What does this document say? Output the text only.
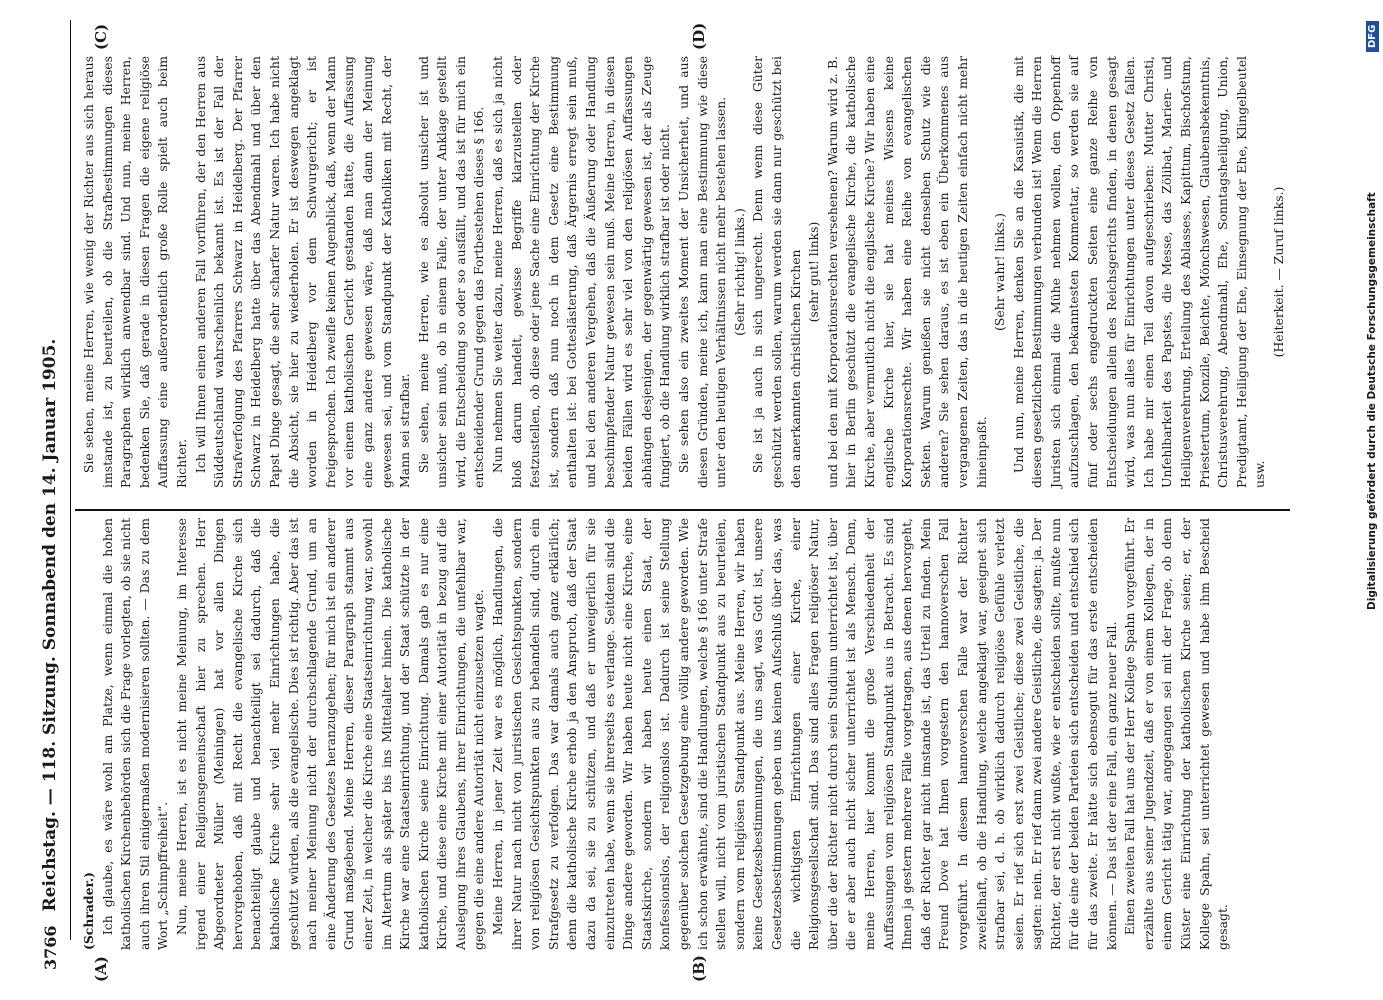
3766
Reichstag. — 118. Sitzung. Sonnabend den 14. Januar 1905.
(A)	(B)
(C)	(D)

(Schrader.) Ich glaube, es wäre wohl am Platze, wenn einmal die hohen katholischen Kirchenbehörden sich die Frage vorlegten, ob sie nicht auch ihren Stil einigermaßen modernisieren sollten. — Das zu dem Wort „Schimpffreiheit“. Nun, meine Herren, ist es nicht meine Meinung, im Interesse irgend einer Religionsgemeinschaft hier zu sprechen. Herr Abgeordneter Müller (Meiningen) hat vor allen Dingen hervorgehoben, daß mit Recht die evangelische Kirche sich benachteiligt glaube und benachteiligt sei dadurch, daß die katholische Kirche sehr viel mehr Einrichtungen habe, die geschützt würden, als die evangelische. Dies ist richtig. Aber das ist nach meiner Meinung nicht der durchschlagende Grund, um an eine Änderung des Gesetzes heranzugehen; für mich ist ein anderer Grund maßgebend. Meine Herren, dieser Paragraph stammt aus einer Zeit, in welcher die Kirche eine Staatseinrichtung war, sowohl im Altertum als später bis ins Mittelalter hinein. Die katholische Kirche war eine Staatseinrichtung, und der Staat schützte in der katholischen Kirche seine Einrichtung. Damals gab es nur eine Kirche, und diese eine Kirche mit einer Autorität in bezug auf die Auslegung ihres Glaubens, ihrer Einrichtungen, die unfehlbar war, gegen die eine andere Autorität nicht einzusetzen wagte. Meine Herren, in jener Zeit war es möglich, Handlungen, die ihrer Natur nach nicht von juristischen Gesichtspunkten, sondern von religiösen Gesichtspunkten aus zu behandeln sind, durch ein Strafgesetz zu verfolgen. Das war damals auch ganz erklärlich; denn die katholische Kirche erhob ja den Anspruch, daß der Staat dazu da sei, sie zu schützen, und daß er unweigerlich für sie einzutreten habe, wenn sie ihrerseits es verlange. Seitdem sind die Dinge andere geworden. Wir haben heute nicht eine Kirche, eine Staatskirche, sondern wir haben heute einen Staat, der konfessionslos, der religionslos ist. Dadurch ist seine Stellung gegenüber solchen Gesetzgebung eine völlig andere geworden. Wie ich schon erwähnte, sind die Handlungen, welche § 166 unter Strafe stellen will, nicht vom juristischen Standpunkt aus zu beurteilen, sondern vom religiösen Standpunkt aus. Meine Herren, wir haben keine Gesetzesbestimmungen, die uns sagt, was Gott ist, unsere Gesetzesbestimmungen geben uns keinen Aufschluß über das, was die wichtigsten Einrichtungen einer Kirche, einer Religionsgesellschaft sind. Das sind alles Fragen religiöser Natur, über die der Richter nicht durch sein Studium unterrichtet ist, über die er aber auch nicht sicher unterrichtet ist als Mensch. Denn, meine Herren, hier kommt die große Verschiedenheit der Auffassungen vom religiösen Standpunkt aus in Betracht. Es sind Ihnen ja gestern mehrere Fälle vorgetragen, aus denen hervorgeht, daß der Richter gar nicht imstande ist, das Urteil zu finden. Mein Freund Dove hat Ihnen vorgestern den hannoverschen Fall vorgeführt. In diesem hannoverschen Falle war der Richter zweifelhaft, ob die Handlung, welche angeklagt war, geeignet sich strafbar sei, d. h. ob wirklich dadurch religiöse Gefühle verletzt seien. Er rief sich erst zwei Geistliche; diese zwei Geistliche, die sagten: nein. Er rief dann zwei andere Geistliche, die sagten: ja. Der Richter, der erst nicht wußte, wie er entscheiden sollte, mußte nun für die eine der beiden Parteien sich entscheiden und entschied sich für das zweite. Er hätte sich ebensogut für das erste entscheiden können. — Das ist der eine Fall, ein ganz neuer Fall. Einen zweiten Fall hat uns der Herr Kollege Spahn vorgeführt. Er erzählte aus seiner Jugendzeit, daß er von einem Kollegen, der in einem Gericht tätig war, angegangen sei mit der Frage, ob denn Küster eine Einrichtung der katholischen Kirche seien; er, der Kollege Spahn, sei unterrichtet gewesen und habe ihm Bescheid gesagt.

Sie sehen, meine Herren, wie wenig der Richter aus sich heraus imstande ist, zu beurteilen, ob die Strafbestimmungen dieses Paragraphen wirklich anwendbar sind. Und nun, meine Herren, bedenken Sie, daß gerade in diesen Fragen die eigene religiöse Auffassung eine außerordentlich große Rolle spielt auch beim Richter. Ich will Ihnen einen anderen Fall vorführen, der den Herren aus Süddeutschland wahrscheinlich bekannt ist. Es ist der Fall der Strafverfolgung des Pfarrers Schwarz in Heidelberg. Der Pfarrer Schwarz in Heidelberg hatte über das Abendmahl und über den Papst Dinge gesagt, die sehr scharfer Natur waren. Ich habe nicht die Absicht, sie hier zu wiederholen. Er ist deswegen angeklagt worden in Heidelberg vor dem Schwurgericht; er ist freigesprochen. Ich zweifle keinen Augenblick, daß, wenn der Mann vor einem katholischen Gericht gestanden hätte, die Auffassung eine ganz andere gewesen wäre, daß man dann der Meinung gewesen sei, und vom Standpunkt der Katholiken mit Recht, der Mann sei strafbar. Sie sehen, meine Herren, wie es absolut unsicher ist und unsicher sein muß, ob in einem Falle, der unter Anklage gestellt wird, die Entscheidung so oder so ausfällt, und das ist für mich ein entscheidender Grund gegen das Fortbestehen dieses § 166. Nun nehmen Sie weiter dazu, meine Herren, daß es sich ja nicht bloß darum handelt, gewisse Begriffe klarzustellen oder festzustellen, ob diese oder jene Sache eine Einrichtung der Kirche ist, sondern daß nun noch in dem Gesetz eine Bestimmung enthalten ist: bei Gotteslästerung, daß Ärgernis erregt sein muß, und bei den anderen Vergehen, daß die Äußerung oder Handlung beschimpfender Natur gewesen sein muß. Meine Herren, in diesen beiden Fällen wird es sehr viel von den religiösen Auffassungen abhängen desjenigen, der gegenwärtig gewesen ist, der als Zeuge fungiert, ob die Handlung wirklich strafbar ist oder nicht. Sie sehen also ein zweites Moment der Unsicherheit, und aus diesen Gründen, meine ich, kann man eine Bestimmung wie diese unter den heutigen Verhältnissen nicht mehr bestehen lassen. (Sehr richtig! links.) Sie ist ja auch in sich ungerecht. Denn wenn diese Güter geschützt werden sollen, warum werden sie dann nur geschützt bei den anerkannten christlichen Kirchen (sehr gut! links) und bei den mit Korporationsrechten versehenen? Warum wird z. B. hier in Berlin geschützt die evangelische Kirche, die katholische Kirche, aber vermutlich nicht die englische Kirche? Wir haben eine englische Kirche hier, sie hat meines Wissens keine Korporationsrechte. Wir haben eine Reihe von evangelischen Sekten. Warum genießen sie nicht denselben Schutz wie die anderen? Sie sehen daraus, es ist eben ein Überkommenes aus vergangenen Zeiten, das in die heutigen Zeiten einfach nicht mehr hineinpaßt.

(Sehr wahr! links.) Und nun, meine Herren, denken Sie an die Kasuistik, die mit diesen gesetzlichen Bestimmungen verbunden ist! Wenn die Herren Juristen sich einmal die Mühe nehmen wollen, den Oppenhoff aufzuschlagen, den bekanntesten Kommentar, so werden sie auf fünf oder sechs engedruckten Seiten eine ganze Reihe von Entscheidungen allein des Reichsgerichts finden, in denen gesagt wird, was nun alles für Einrichtungen unter dieses Gesetz fallen. Ich habe mir einen Teil davon aufgeschrieben: Mutter Christi, Unfehlbarkeit des Papstes, die Messe, das Zölibat, Marien- und Heiligenverehrung, Erteilung des Ablasses, Kapittum, Bischofstum, Priestertum, Konzile, Beichte, Mönchswesen, Glaubensbekenntnis, Christusverehrung, Abendmahl, Ehe, Sonntagsheiligung, Union, Predigtamt, Heiligung der Ehe, Einsegnung der Ehe, Klingelbeutel usw.

(Heiterkeit. — Zuruf links.)

DFG
Digitalisierung gefördert durch die Deutsche Forschungsgemeinschaft
